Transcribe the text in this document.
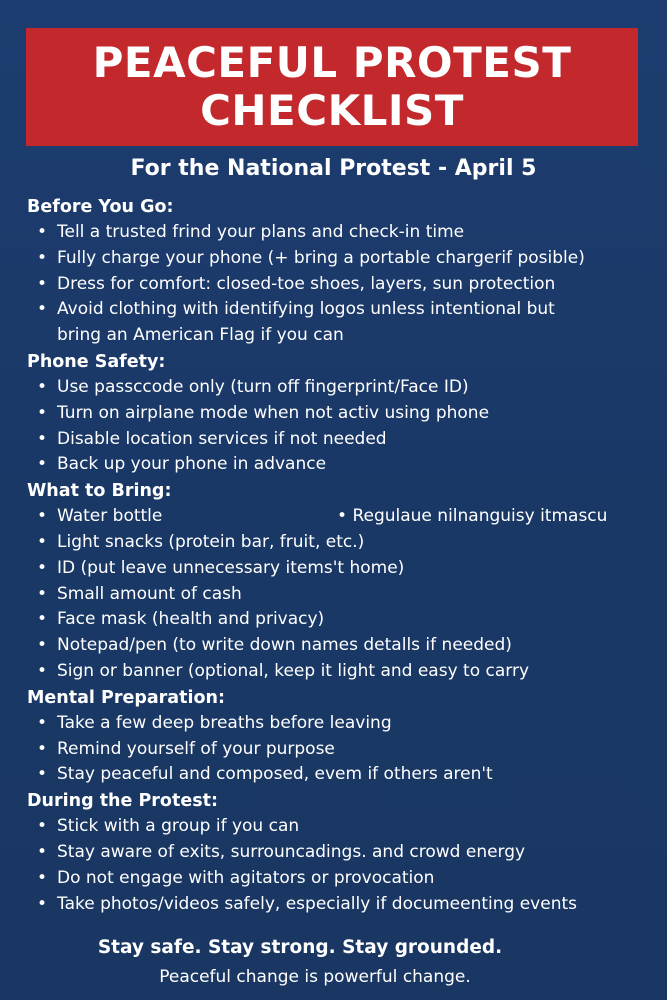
PEACEFUL PROTEST
CHECKLIST
For the National Protest - April 5
Before You Go:
• Tell a trusted frind your plans and check-in time
• Fully charge your phone (+ bring a portable chargerif posible)
• Dress for comfort: closed-toe shoes, layers, sun protection
• Avoid clothing with identifying logos unless intentional but
bring an American Flag if you can
Phone Safety:
• Use passccode only (turn off fingerprint/Face ID)
• Turn on airplane mode when not activ using phone
• Disable location services if not needed
• Back up your phone in advance
What to Bring:
• Water bottle	• Regulaue nilnanguisy itmascu
• Light snacks (protein bar, fruit, etc.)
• ID (put leave unnecessary items't home)
• Small amount of cash
• Face mask (health and privacy)
• Notepad/pen (to write down names detalls if needed)
• Sign or banner (optional, keep it light and easy to carry
Mental Preparation:
• Take a few deep breaths before leaving
• Remind yourself of your purpose
• Stay peaceful and composed, evem if others aren't
During the Protest:
• Stick with a group if you can
• Stay aware of exits, surrouncadings. and crowd energy
• Do not engage with agitators or provocation
• Take photos/videos safely, especially if documeenting events
Stay safe. Stay strong. Stay grounded.
Peaceful change is powerful change.
